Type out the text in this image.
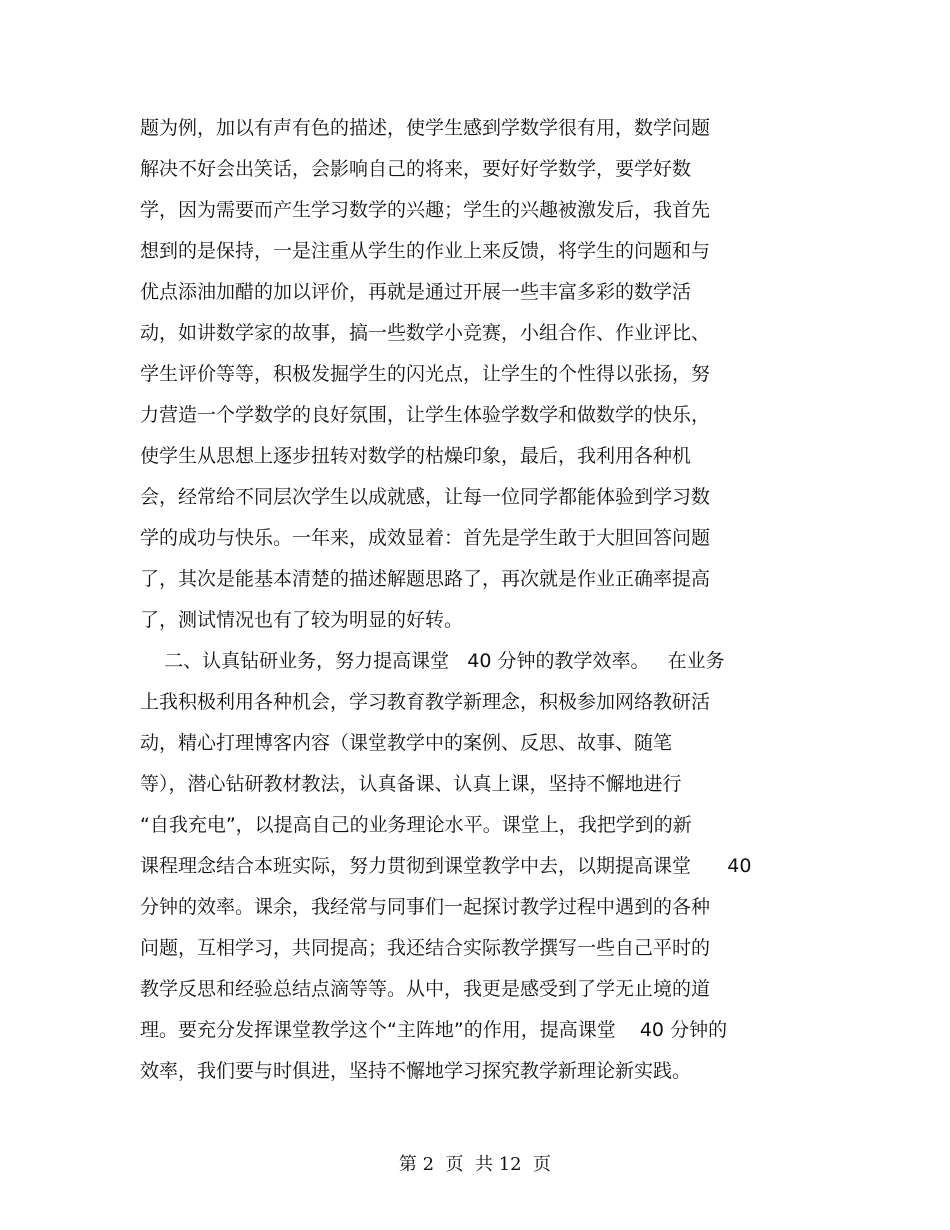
题为例，加以有声有色的描述，使学生感到学数学很有用，数学问题
解决不好会出笑话，会影响自己的将来，要好好学数学，要学好数
学，因为需要而产生学习数学的兴趣；学生的兴趣被激发后，我首先
想到的是保持，一是注重从学生的作业上来反馈，将学生的问题和与
优点添油加醋的加以评价，再就是通过开展一些丰富多彩的数学活
动，如讲数学家的故事，搞一些数学小竞赛，小组合作、作业评比、
学生评价等等，积极发掘学生的闪光点，让学生的个性得以张扬，努
力营造一个学数学的良好氛围，让学生体验学数学和做数学的快乐，
使学生从思想上逐步扭转对数学的枯燥印象，最后，我利用各种机
会，经常给不同层次学生以成就感，让每一位同学都能体验到学习数
学的成功与快乐。一年来，成效显着：首先是学生敢于大胆回答问题
了，其次是能基本清楚的描述解题思路了，再次就是作业正确率提高
了，测试情况也有了较为明显的好转。
二、认真钻研业务，努力提高课堂   40 分钟的教学效率。   在业务
上我积极利用各种机会，学习教育教学新理念，积极参加网络教研活
动，精心打理博客内容（课堂教学中的案例、反思、故事、随笔
等），潜心钻研教材教法，认真备课、认真上课，坚持不懈地进行
“自我充电”，以提高自己的业务理论水平。课堂上，我把学到的新
课程理念结合本班实际，努力贯彻到课堂教学中去，以期提高课堂      40
分钟的效率。课余，我经常与同事们一起探讨教学过程中遇到的各种
问题，互相学习，共同提高；我还结合实际教学撰写一些自己平时的
教学反思和经验总结点滴等等。从中，我更是感受到了学无止境的道
理。要充分发挥课堂教学这个“主阵地”的作用，提高课堂    40 分钟的
效率，我们要与时俱进，坚持不懈地学习探究教学新理论新实践。
第 2  页  共 12  页
